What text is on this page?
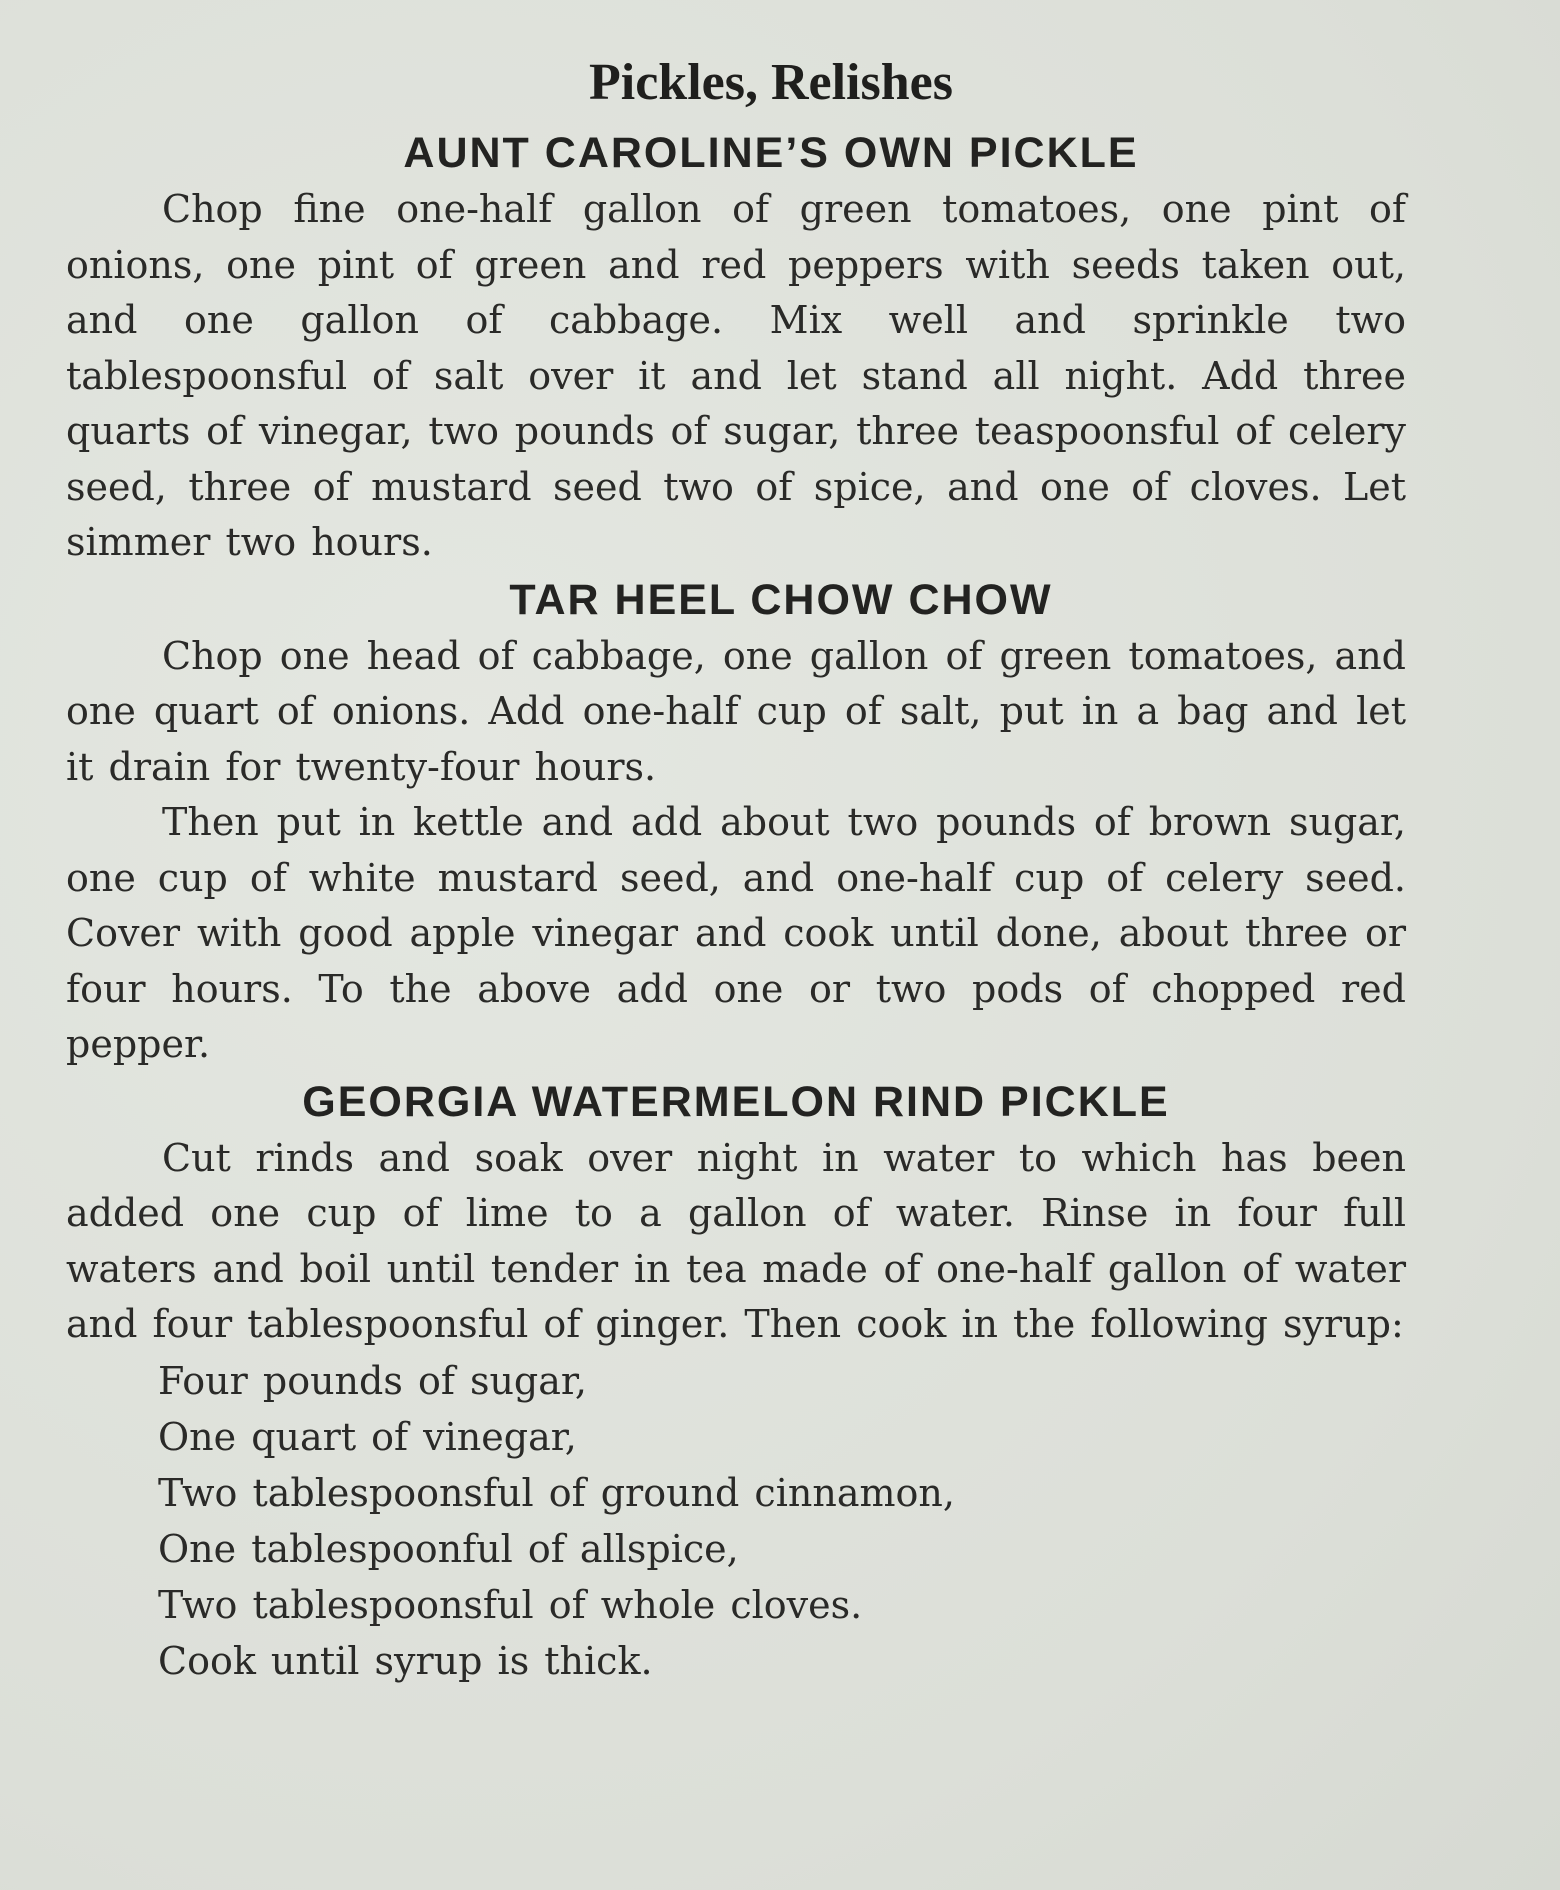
Pickles, Relishes
AUNT CAROLINE’S OWN PICKLE

Chop fine one-half gallon of green tomatoes, one pint of onions, one pint of green and red peppers with seeds taken out, and one gallon of cabbage. Mix well and sprinkle two tablespoonsful of salt over it and let stand all night. Add three quarts of vinegar, two pounds of sugar, three teaspoonsful of celery seed, three of mustard seed two of spice, and one of cloves. Let simmer two hours.

TAR HEEL CHOW CHOW

Chop one head of cabbage, one gallon of green tomatoes, and one quart of onions. Add one-half cup of salt, put in a bag and let it drain for twenty-four hours.

Then put in kettle and add about two pounds of brown sugar, one cup of white mustard seed, and one-half cup of celery seed. Cover with good apple vinegar and cook until done, about three or four hours. To the above add one or two pods of chopped red pepper.

GEORGIA WATERMELON RIND PICKLE

Cut rinds and soak over night in water to which has been added one cup of lime to a gallon of water. Rinse in four full waters and boil until tender in tea made of one-half gallon of water and four tablespoonsful of ginger. Then cook in the following syrup:

Four pounds of sugar,
One quart of vinegar,
Two tablespoonsful of ground cinnamon,
One tablespoonful of allspice,
Two tablespoonsful of whole cloves.
Cook until syrup is thick.
